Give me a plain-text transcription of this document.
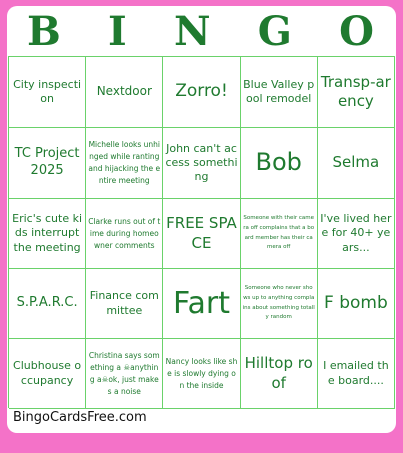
B I N G O
City inspection
Nextdoor Zorro! Blue Valley pool remodel
Transp-arency
TC Project 2025
Michelle looks unhinged while ranting and hijacking the entire meeting
John can't access something
Bob Selma
Eric's cute kids interrupt the meeting
Clarke runs out of time during homeowner comments
FREE SPACE
Someone with their camera off complains that a board member has their camera off
I've lived here for 40+ years...
S.P.A.R.C. Finance committee	Fart	Someone who never shows up to anything complains about something totally random
F bomb
Clubhouse occupancy
Christina says something a ☠anything a☠ok, just makes a noise
Nancy looks like she is slowly dying on the inside
Hilltop roof
I emailed the board....
BingoCardsFree.com
